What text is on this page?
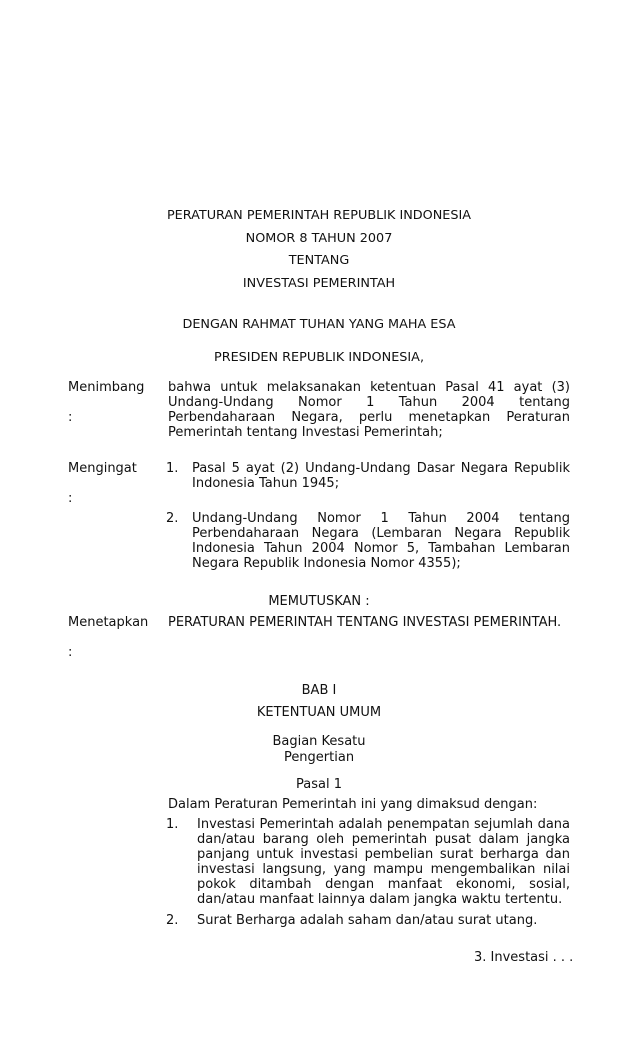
PERATURAN PEMERINTAH REPUBLIK INDONESIA
NOMOR 8 TAHUN 2007
TENTANG
INVESTASI PEMERINTAH
DENGAN RAHMAT TUHAN YANG MAHA ESA
PRESIDEN REPUBLIK INDONESIA,
Menimbang
:
bahwa untuk melaksanakan ketentuan Pasal 41 ayat (3) Undang-Undang Nomor 1 Tahun 2004 tentang Perbendaharaan Negara, perlu menetapkan Peraturan Pemerintah tentang Investasi Pemerintah;
Mengingat
:
1. Pasal 5 ayat (2) Undang-Undang Dasar Negara Republik Indonesia Tahun 1945;
2. Undang-Undang Nomor 1 Tahun 2004 tentang Perbendaharaan Negara (Lembaran Negara Republik Indonesia Tahun 2004 Nomor 5, Tambahan Lembaran Negara Republik Indonesia Nomor 4355);
MEMUTUSKAN :
Menetapkan
:
PERATURAN PEMERINTAH TENTANG INVESTASI PEMERINTAH.
BAB I
KETENTUAN UMUM
Bagian Kesatu
Pengertian
Pasal 1
Dalam Peraturan Pemerintah ini yang dimaksud dengan:
1. Investasi Pemerintah adalah penempatan sejumlah dana dan/atau barang oleh pemerintah pusat dalam jangka panjang untuk investasi pembelian surat berharga dan investasi langsung, yang mampu mengembalikan nilai pokok ditambah dengan manfaat ekonomi, sosial, dan/atau manfaat lainnya dalam jangka waktu tertentu.
2. Surat Berharga adalah saham dan/atau surat utang.
3. Investasi . . .
